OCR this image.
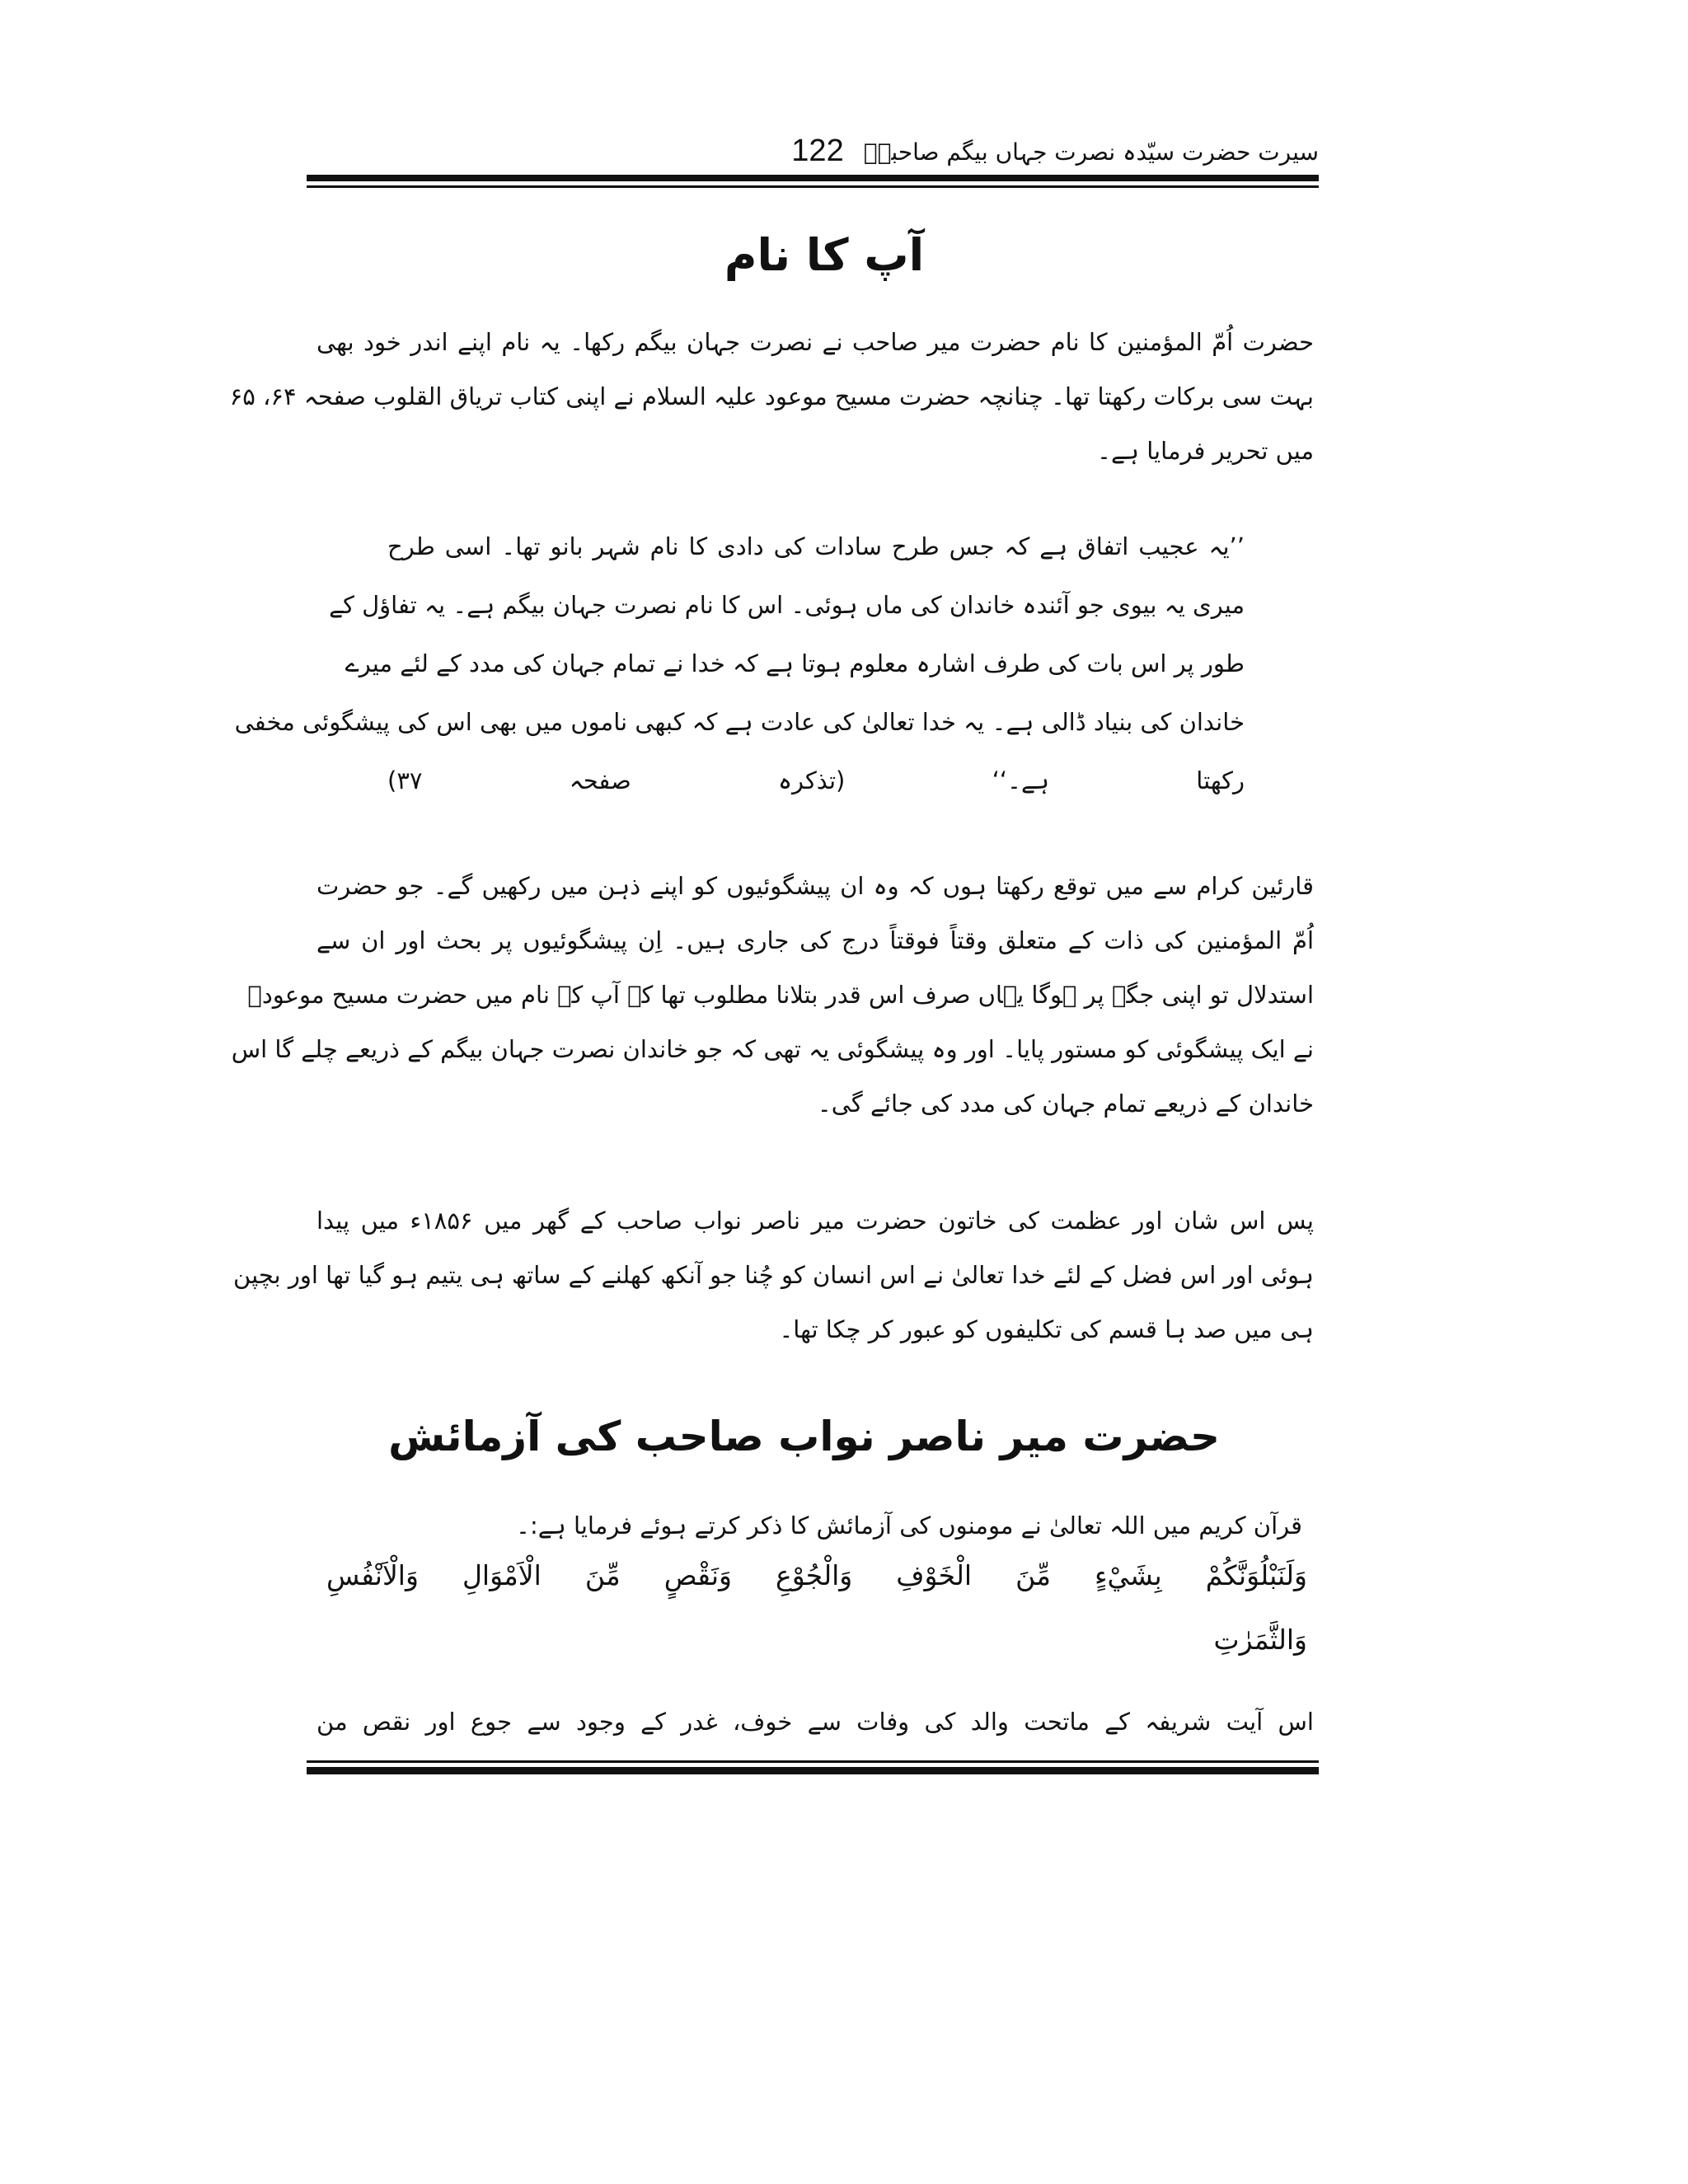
سیرت حضرت سیّدہ نصرت جہاں بیگم صاحبہؓ
122
آپ کا نام
حضرت اُمّ المؤمنین کا نام حضرت میر صاحب نے نصرت جہان بیگم رکھا۔ یہ نام اپنے اندر خود بھی
بہت سی برکات رکھتا تھا۔ چنانچہ حضرت مسیح موعود علیہ السلام نے اپنی کتاب تریاق القلوب صفحہ ۶۴، ۶۵
میں تحریر فرمایا ہے۔
’’یہ عجیب اتفاق ہے کہ جس طرح سادات کی دادی کا نام شہر بانو تھا۔ اسی طرح
میری یہ بیوی جو آئندہ خاندان کی ماں ہوئی۔ اس کا نام نصرت جہان بیگم ہے۔ یہ تفاؤل کے
طور پر اس بات کی طرف اشارہ معلوم ہوتا ہے کہ خدا نے تمام جہان کی مدد کے لئے میرے
خاندان کی بنیاد ڈالی ہے۔ یہ خدا تعالیٰ کی عادت ہے کہ کبھی ناموں میں بھی اس کی پیشگوئی مخفی
رکھتا ہے۔‘‘ (تذکرہ صفحہ ۳۷)
قارئین کرام سے میں توقع رکھتا ہوں کہ وہ ان پیشگوئیوں کو اپنے ذہن میں رکھیں گے۔ جو حضرت
اُمّ المؤمنین کی ذات کے متعلق وقتاً فوقتاً درج کی جاری ہیں۔ اِن پیشگوئیوں پر بحث اور ان سے
استدلال تو اپنی جگہ پر ہوگا یہاں صرف اس قدر بتلانا مطلوب تھا کہ آپ کے نام میں حضرت مسیح موعودؑ
نے ایک پیشگوئی کو مستور پایا۔ اور وہ پیشگوئی یہ تھی کہ جو خاندان نصرت جہان بیگم کے ذریعے چلے گا اس
خاندان کے ذریعے تمام جہان کی مدد کی جائے گی۔
پس اس شان اور عظمت کی خاتون حضرت میر ناصر نواب صاحب کے گھر میں ۱۸۵۶ء میں پیدا
ہوئی اور اس فضل کے لئے خدا تعالیٰ نے اس انسان کو چُنا جو آنکھ کھلنے کے ساتھ ہی یتیم ہو گیا تھا اور بچپن
ہی میں صد ہا قسم کی تکلیفوں کو عبور کر چکا تھا۔
حضرت میر ناصر نواب صاحب کی آزمائش
قرآن کریم میں اللہ تعالیٰ نے مومنوں کی آزمائش کا ذکر کرتے ہوئے فرمایا ہے:۔
وَلَنَبْلُوَنَّكُمْ بِشَيْءٍ مِّنَ الْخَوْفِ وَالْجُوْعِ وَنَقْصٍ مِّنَ الْاَمْوَالِ وَالْاَنْفُسِ
وَالثَّمَرٰتِ
اس آیت شریفہ کے ماتحت والد کی وفات سے خوف، غدر کے وجود سے جوع اور نقص من
